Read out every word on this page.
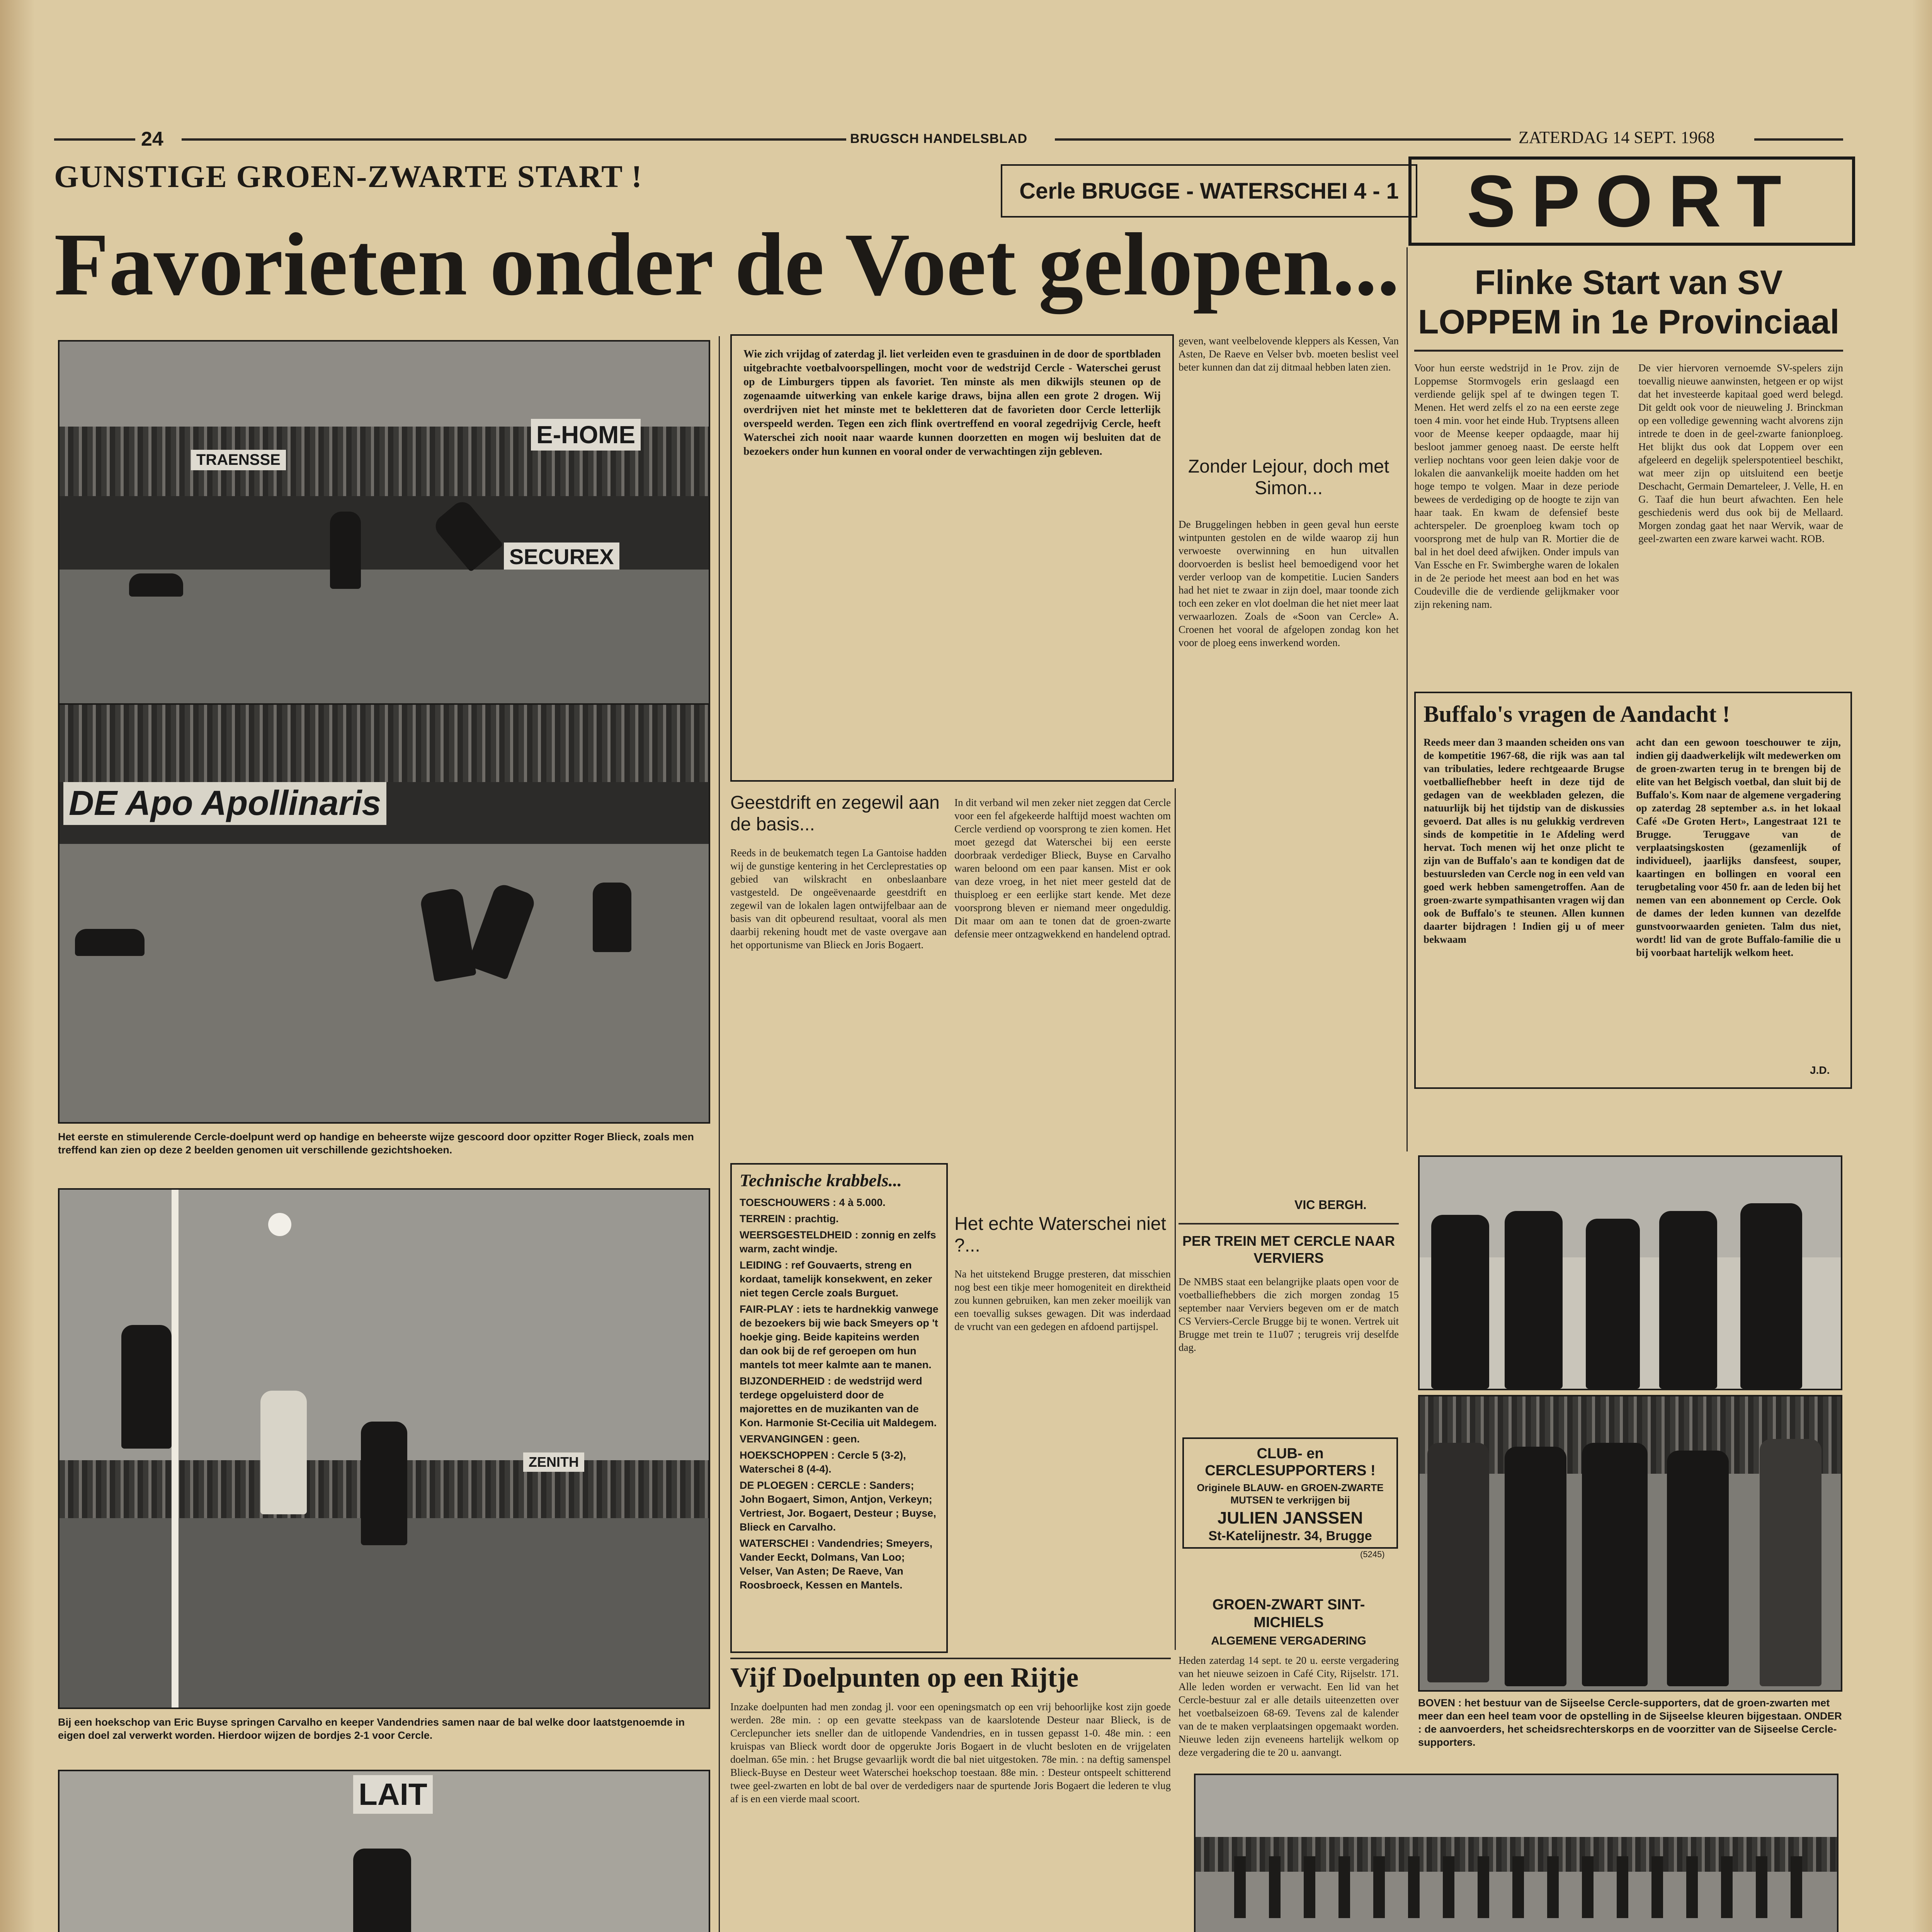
24	BRUGSCH HANDELSBLAD	ZATERDAG 14 SEPT. 1968
GUNSTIGE GROEN-ZWARTE START !	Cerle BRUGGE - WATERSCHEI 4 - 1 SPORT
Favorieten onder de Voet gelopen...	Flinke Start van SV LOPPEM in 1e Provinciaal
Voor hun eerste wedstrijd in 1e Prov. zijn de Loppemse Stormvogels erin geslaagd een verdiende gelijk spel af te dwingen tegen T. Menen. Het werd zelfs el zo na een eerste zege toen 4 min. voor het einde Hub. Tryptsens alleen voor de Meense keeper opdaagde, maar hij besloot jammer genoeg naast. De eerste helft verliep nochtans voor geen leien dakje voor de lokalen die aanvankelijk moeite hadden om het hoge tempo te volgen. Maar in deze periode bewees de verdediging op de hoogte te zijn van haar taak. En kwam de defensief beste achterspeler. De groenploeg kwam toch op voorsprong met de hulp van R. Mortier die de bal in het doel deed afwijken. Onder impuls van Van Essche en Fr. Swimberghe waren de lokalen in de 2e periode het meest aan bod en het was Coudeville die de verdiende gelijkmaker voor zijn rekening nam.
De vier hiervoren vernoemde SV-spelers zijn toevallig nieuwe aanwinsten, hetgeen er op wijst dat het investeerde kapitaal goed werd belegd. Dit geldt ook voor de nieuweling J. Brinckman op een volledige gewenning wacht alvorens zijn intrede te doen in de geel-zwarte fanionploeg. Het blijkt dus ook dat Loppem over een afgeleerd en degelijk spelerspotentieel beschikt, wat meer zijn op uitsluitend een beetje Deschacht, Germain Demarteleer, J. Velle, H. en G. Taaf die hun beurt afwachten. Een hele geschiedenis werd dus ook bij de Mellaard. Morgen zondag gaat het naar Wervik, waar de geel-zwarten een zware karwei wacht. ROB.
E-HOME
TRAENSSE
SECUREX
DE Apo Apollinaris
Het eerste en stimulerende Cercle-doelpunt werd op handige en beheerste wijze gescoord door opzitter Roger Blieck, zoals men treffend kan zien op deze 2 beelden genomen uit verschillende gezichtshoeken.
ZENITH
Bij een hoekschop van Eric Buyse springen Carvalho en keeper Vandendries samen naar de bal welke door laatstgenoemde in eigen doel zal verwerkt worden. Hierdoor wijzen de bordjes 2-1 voor Cercle.
LAIT
Wie zich vrijdag of zaterdag jl. liet verleiden even te grasduinen in de door de sportbladen uitgebrachte voetbalvoorspellingen, mocht voor de wedstrijd Cercle - Waterschei gerust op de Limburgers tippen als favoriet. Ten minste als men dikwijls steunen op de zogenaamde uitwerking van enkele karige draws, bijna allen een grote 2 drogen. Wij overdrijven niet het minste met te bekletteren dat de favorieten door Cercle letterlijk overspeeld werden. Tegen een zich flink overtreffend en vooral zegedrijvig Cercle, heeft Waterschei zich nooit naar waarde kunnen doorzetten en mogen wij besluiten dat de bezoekers onder hun kunnen en vooral onder de verwachtingen zijn gebleven.
Geestdrift en zegewil aan de basis...
Reeds in de beukematch tegen La Gantoise hadden wij de gunstige kentering in het Cercleprestaties op gebied van wilskracht en onbeslaanbare vastgesteld. De ongeëvenaarde geestdrift en zegewil van de lokalen lagen ontwijfelbaar aan de basis van dit opbeurend resultaat, vooral als men daarbij rekening houdt met de vaste overgave aan het opportunisme van Blieck en Joris Bogaert.
Technische krabbels...
TOESCHOUWERS : 4 à 5.000.
TERREIN : prachtig.
WEERSGESTELDHEID : zonnig en zelfs warm, zacht windje.
LEIDING : ref Gouvaerts, streng en kordaat, tamelijk konsekwent, en zeker niet tegen Cercle zoals Burguet.
FAIR-PLAY : iets te hardnekkig vanwege de bezoekers bij wie back Smeyers op 't hoekje ging. Beide kapiteins werden dan ook bij de ref geroepen om hun mantels tot meer kalmte aan te manen.
BIJZONDERHEID : de wedstrijd werd terdege opgeluisterd door de majorettes en de muzikanten van de Kon. Harmonie St-Cecilia uit Maldegem.
VERVANGINGEN : geen.
HOEKSCHOPPEN : Cercle 5 (3-2), Waterschei 8 (4-4).
DE PLOEGEN : CERCLE : Sanders; John Bogaert, Simon, Antjon, Verkeyn; Vertriest, Jor. Bogaert, Desteur ; Buyse, Blieck en Carvalho.
WATERSCHEI : Vandendries; Smeyers, Vander Eeckt, Dolmans, Van Loo; Velser, Van Asten; De Raeve, Van Roosbroeck, Kessen en Mantels.
In dit verband wil men zeker niet zeggen dat Cercle voor een fel afgekeerde halftijd moest wachten om Cercle verdiend op voorsprong te zien komen. Het moet gezegd dat Waterschei bij een eerste doorbraak verdediger Blieck, Buyse en Carvalho waren beloond om een paar kansen. Mist er ook van deze vroeg, in het niet meer gesteld dat de thuisploeg er een eerlijke start kende. Met deze voorsprong bleven er niemand meer ongeduldig. Dit maar om aan te tonen dat de groen-zwarte defensie meer ontzagwekkend en handelend optrad.
Het echte Waterschei niet ?...
Na het uitstekend Brugge presteren, dat misschien nog best een tikje meer homogeniteit en direktheid zou kunnen gebruiken, kan men zeker moeilijk van een toevallig sukses gewagen. Dit was inderdaad de vrucht van een gedegen en afdoend partijspel.
geven, want veelbelovende kleppers als Kessen, Van Asten, De Raeve en Velser bvb. moeten beslist veel beter kunnen dan dat zij ditmaal hebben laten zien.
Zonder Lejour, doch met Simon...
De Bruggelingen hebben in geen geval hun eerste wintpunten gestolen en de wilde waarop zij hun verwoeste overwinning en hun uitvallen doorvoerden is beslist heel bemoedigend voor het verder verloop van de kompetitie. Lucien Sanders had het niet te zwaar in zijn doel, maar toonde zich toch een zeker en vlot doelman die het niet meer laat verwaarlozen. Zoals de «Soon van Cercle» A. Croenen het vooral de afgelopen zondag kon het voor de ploeg eens inwerkend worden.
VIC BERGH.
Vijf Doelpunten op een Rijtje
Inzake doelpunten had men zondag jl. voor een openingsmatch op een vrij behoorlijke kost zijn goede werden. 28e min. : op een gevatte steekpass van de kaarslotende Desteur naar Blieck, is de Cerclepuncher iets sneller dan de uitlopende Vandendries, en in tussen gepasst 1-0. 48e min. : een kruispas van Blieck wordt door de opgerukte Joris Bogaert in de vlucht besloten en de vrijgelaten doelman. 65e min. : het Brugse gevaarlijk wordt die bal niet uitgestoken. 78e min. : na deftig samenspel Blieck-Buyse en Desteur weet Waterschei hoekschop toestaan. 88e min. : Desteur ontspeelt schitterend twee geel-zwarten en lobt de bal over de verdedigers naar de spurtende Joris Bogaert die lederen te vlug af is en een vierde maal scoort.
Buffalo's vragen de Aandacht !
Reeds meer dan 3 maanden scheiden ons van de kompetitie 1967-68, die rijk was aan tal van tribulaties, ledere rechtgeaarde Brugse voetballiefhebber heeft in deze tijd de gedagen van de weekbladen gelezen, die natuurlijk bij het tijdstip van de diskussies gevoerd. Dat alles is nu gelukkig verdreven sinds de kompetitie in 1e Afdeling werd hervat. Toch menen wij het onze plicht te zijn van de Buffalo's aan te kondigen dat de bestuursleden van Cercle nog in een veld van goed werk hebben samengetroffen. Aan de groen-zwarte sympathisanten vragen wij dan ook de Buffalo's te steunen. Allen kunnen daarter bijdragen ! Indien gij u of meer bekwaam
acht dan een gewoon toeschouwer te zijn, indien gij daadwerkelijk wilt medewerken om de groen-zwarten terug in te brengen bij de elite van het Belgisch voetbal, dan sluit bij de Buffalo's. Kom naar de algemene vergadering op zaterdag 28 september a.s. in het lokaal Café «De Groten Hert», Langestraat 121 te Brugge. Teruggave van de verplaatsingskosten (gezamenlijk of individueel), jaarlijks dansfeest, souper, kaartingen en bollingen en vooral een terugbetaling voor 450 fr. aan de leden bij het nemen van een abonnement op Cercle. Ook de dames der leden kunnen van dezelfde gunstvoorwaarden genieten. Talm dus niet, wordt! lid van de grote Buffalo-familie die u bij voorbaat hartelijk welkom heet.
J.D.
PER TREIN MET CERCLE NAAR VERVIERS
De NMBS staat een belangrijke plaats open voor de voetballiefhebbers die zich morgen zondag 15 september naar Verviers begeven om er de match CS Verviers-Cercle Brugge bij te wonen. Vertrek uit Brugge met trein te 11u07 ; terugreis vrij deselfde dag.
CLUB- en CERCLESUPPORTERS !
Originele BLAUW- en GROEN-ZWARTE MUTSEN te verkrijgen bij
JULIEN JANSSEN
St-Katelijnestr. 34, Brugge
(5245)
GROEN-ZWART SINT-MICHIELS
ALGEMENE VERGADERING
Heden zaterdag 14 sept. te 20 u. eerste vergadering van het nieuwe seizoen in Café City, Rijselstr. 171. Alle leden worden er verwacht. Een lid van het Cercle-bestuur zal er alle details uiteenzetten over het voetbalseizoen 68-69. Tevens zal de kalender van de te maken verplaatsingen opgemaakt worden. Nieuwe leden zijn eveneens hartelijk welkom op deze vergadering die te 20 u. aanvangt.
BOVEN : het bestuur van de Sijseelse Cercle-supporters, dat de groen-zwarten met meer dan een heel team voor de opstelling in de Sijseelse kleuren bijgestaan. ONDER : de aanvoerders, het scheidsrechterskorps en de voorzitter van de Sijseelse Cercle-supporters.
